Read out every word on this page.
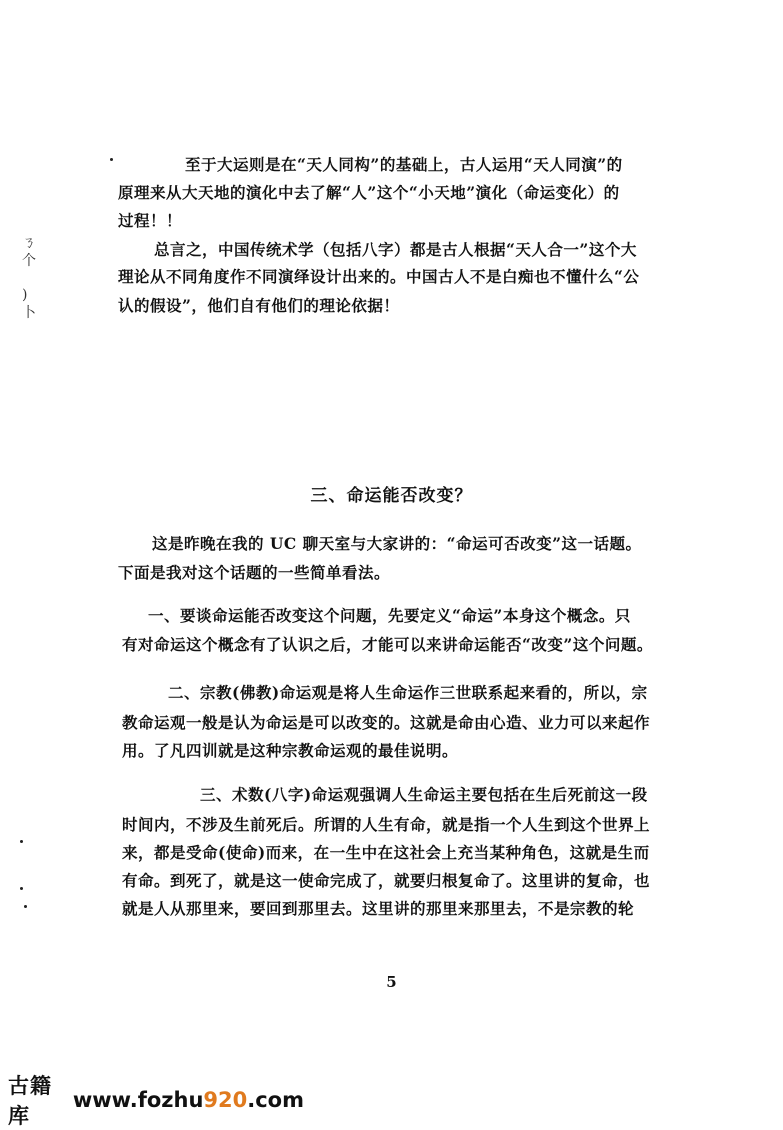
ㄋ
个
)
卜
至于大运则是在“天人同构”的基础上，古人运用“天人同演”的
原理来从大天地的演化中去了解“人”这个“小天地”演化（命运变化）的
过程！！
总言之，中国传统术学（包括八字）都是古人根据“天人合一”这个大
理论从不同角度作不同演绎设计出来的。中国古人不是白痴也不懂什么“公
认的假设”，他们自有他们的理论依据！
三、命运能否改变？
这是昨晚在我的 UC 聊天室与大家讲的：“命运可否改变”这一话题。
下面是我对这个话题的一些简单看法。
一、要谈命运能否改变这个问题，先要定义“命运”本身这个概念。只
有对命运这个概念有了认识之后，才能可以来讲命运能否“改变”这个问题。
二、宗教(佛教)命运观是将人生命运作三世联系起来看的，所以，宗
教命运观一般是认为命运是可以改变的。这就是命由心造、业力可以来起作
用。了凡四训就是这种宗教命运观的最佳说明。
三、术数(八字)命运观强调人生命运主要包括在生后死前这一段
时间内，不涉及生前死后。所谓的人生有命，就是指一个人生到这个世界上
来，都是受命(使命)而来，在一生中在这社会上充当某种角色，这就是生而
有命。到死了，就是这一使命完成了，就要归根复命了。这里讲的复命，也
就是人从那里来，要回到那里去。这里讲的那里来那里去，不是宗教的轮
5
古籍库
www.fozhu 920 .com
